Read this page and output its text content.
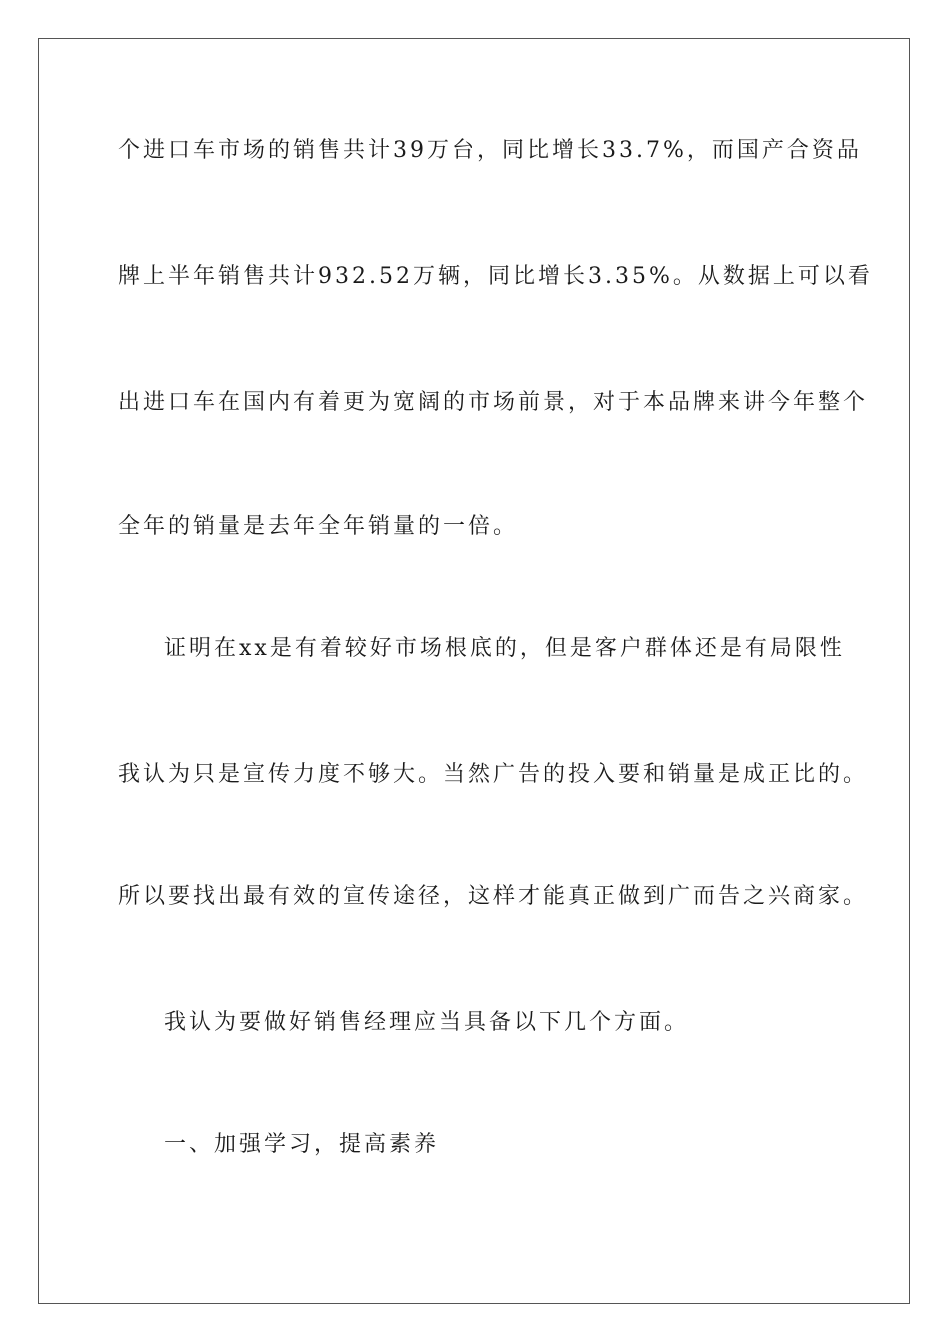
个进口车市场的销售共计39万台，同比增长33.7%，而国产合资品
牌上半年销售共计932.52万辆，同比增长3.35%。从数据上可以看
出进口车在国内有着更为宽阔的市场前景，对于本品牌来讲今年整个
全年的销量是去年全年销量的一倍。
证明在xx是有着较好市场根底的，但是客户群体还是有局限性
我认为只是宣传力度不够大。当然广告的投入要和销量是成正比的。
所以要找出最有效的宣传途径，这样才能真正做到广而告之兴商家。
我认为要做好销售经理应当具备以下几个方面。
一、加强学习，提高素养
